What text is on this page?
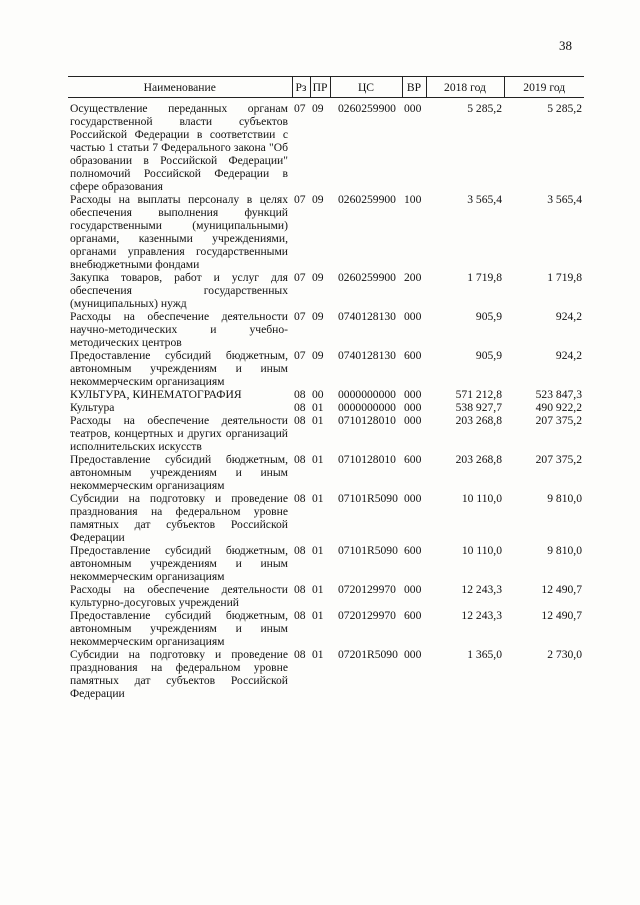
38
Наименование	Рз	ПР	ЦС	ВР	2018 год	2019 год
Осуществление переданных органам государственной власти субъектов Российской Федерации в соответствии с частью 1 статьи 7 Федерального закона "Об образовании в Российской Федерации" полномочий Российской Федерации в сфере образования	07	09	0260259900	000	5 285,2	5 285,2
Расходы на выплаты персоналу в целях обеспечения выполнения функций государственными (муниципальными) органами, казенными учреждениями, органами управления государственными внебюджетными фондами	07	09	0260259900	100	3 565,4	3 565,4
Закупка товаров, работ и услуг для обеспечения государственных (муниципальных) нужд	07	09	0260259900	200	1 719,8	1 719,8
Расходы на обеспечение деятельности научно-методических и учебно-методических центров	07	09	0740128130	000	905,9	924,2
Предоставление субсидий бюджетным, автономным учреждениям и иным некоммерческим организациям	07	09	0740128130	600	905,9	924,2
КУЛЬТУРА, КИНЕМАТОГРАФИЯ	08	00	0000000000	000	571 212,8	523 847,3
Культура	08	01	0000000000	000	538 927,7	490 922,2
Расходы на обеспечение деятельности театров, концертных и других организаций исполнительских искусств	08	01	0710128010	000	203 268,8	207 375,2
Предоставление субсидий бюджетным, автономным учреждениям и иным некоммерческим организациям	08	01	0710128010	600	203 268,8	207 375,2
Субсидии на подготовку и проведение празднования на федеральном уровне памятных дат субъектов Российской Федерации	08	01	07101R5090	000	10 110,0	9 810,0
Предоставление субсидий бюджетным, автономным учреждениям и иным некоммерческим организациям	08	01	07101R5090	600	10 110,0	9 810,0
Расходы на обеспечение деятельности культурно-досуговых учреждений	08	01	0720129970	000	12 243,3	12 490,7
Предоставление субсидий бюджетным, автономным учреждениям и иным некоммерческим организациям	08	01	0720129970	600	12 243,3	12 490,7
Субсидии на подготовку и проведение празднования на федеральном уровне памятных дат субъектов Российской Федерации	08	01	07201R5090	000	1 365,0	2 730,0
